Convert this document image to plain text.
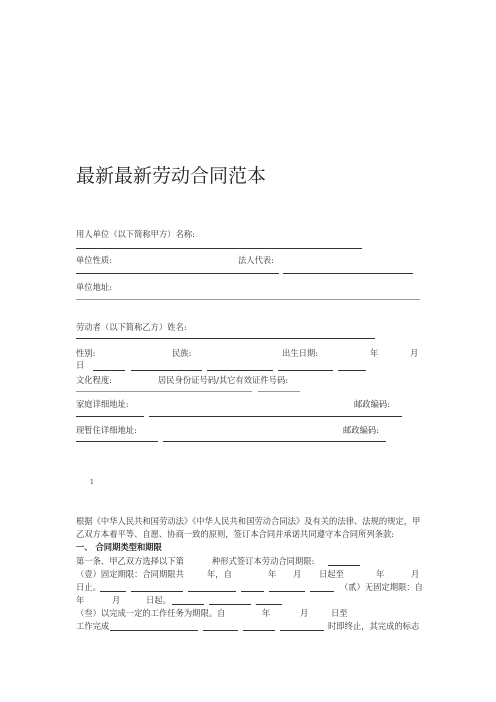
最新最新劳动合同范本
用人单位（以下简称甲方）名称:
单位性质:	法人代表:
单位地址:
劳动者（以下简称乙方）姓名:
性别:	民族:	出生日期:	年	月
日
文化程度:	居民身份证号码/其它有效证件号码:
家庭详细地址:	邮政编码:
现暂住详细地址:	邮政编码:
1
根据《中华人民共和国劳动法》《中华人民共和国劳动合同法》及有关的法律、法规的规定，甲
乙双方本着平等、自愿、协商一致的原则，签订本合同并承诺共同遵守本合同所列条款:
一、 合同期类型和期限
第一条、甲乙双方选择以下第	种形式签订本劳动合同期限:
（壹）固定期限：合同期限共	年，自	年 月 日起至	年	月
日止。	（贰）无固定期限：自
年	月	日起。
（叁）以完成一定的工作任务为期限。自	年	月	日至
工作完成	时即终止，其完成的标志
